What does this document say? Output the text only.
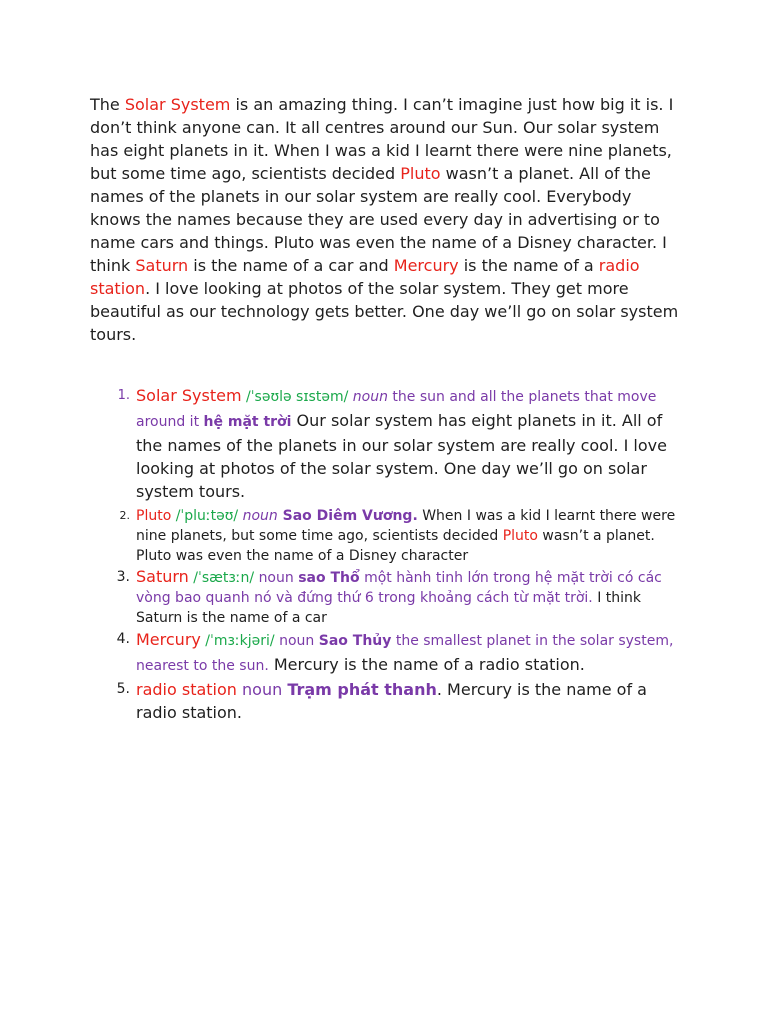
The Solar System is an amazing thing. I can’t imagine just how big it is. I don’t think anyone can. It all centres around our Sun. Our solar system has eight planets in it. When I was a kid I learnt there were nine planets, but some time ago, scientists decided Pluto wasn’t a planet. All of the names of the planets in our solar system are really cool. Everybody knows the names because they are used every day in advertising or to name cars and things. Pluto was even the name of a Disney character. I think Saturn is the name of a car and Mercury is the name of a radio station. I love looking at photos of the solar system. They get more beautiful as our technology gets better. One day we’ll go on solar system tours.

1. Solar System /ˈsəʊlə sɪstəm/ noun the sun and all the planets that move around it hệ mặt trời Our solar system has eight planets in it. All of the names of the planets in our solar system are really cool. I love looking at photos of the solar system. One day we’ll go on solar system tours.
2. Pluto /ˈpluːtəʊ/ noun Sao Diêm Vương. When I was a kid I learnt there were nine planets, but some time ago, scientists decided Pluto wasn’t a planet. Pluto was even the name of a Disney character
3. Saturn /ˈsætɜːn/ noun sao Thổ một hành tinh lớn trong hệ mặt trời có các vòng bao quanh nó và đứng thứ 6 trong khoảng cách từ mặt trời. I think Saturn is the name of a car
4. Mercury /ˈmɜːkjəri/ noun Sao Thủy the smallest planet in the solar system, nearest to the sun. Mercury is the name of a radio station.
5. radio station noun Trạm phát thanh. Mercury is the name of a radio station.
